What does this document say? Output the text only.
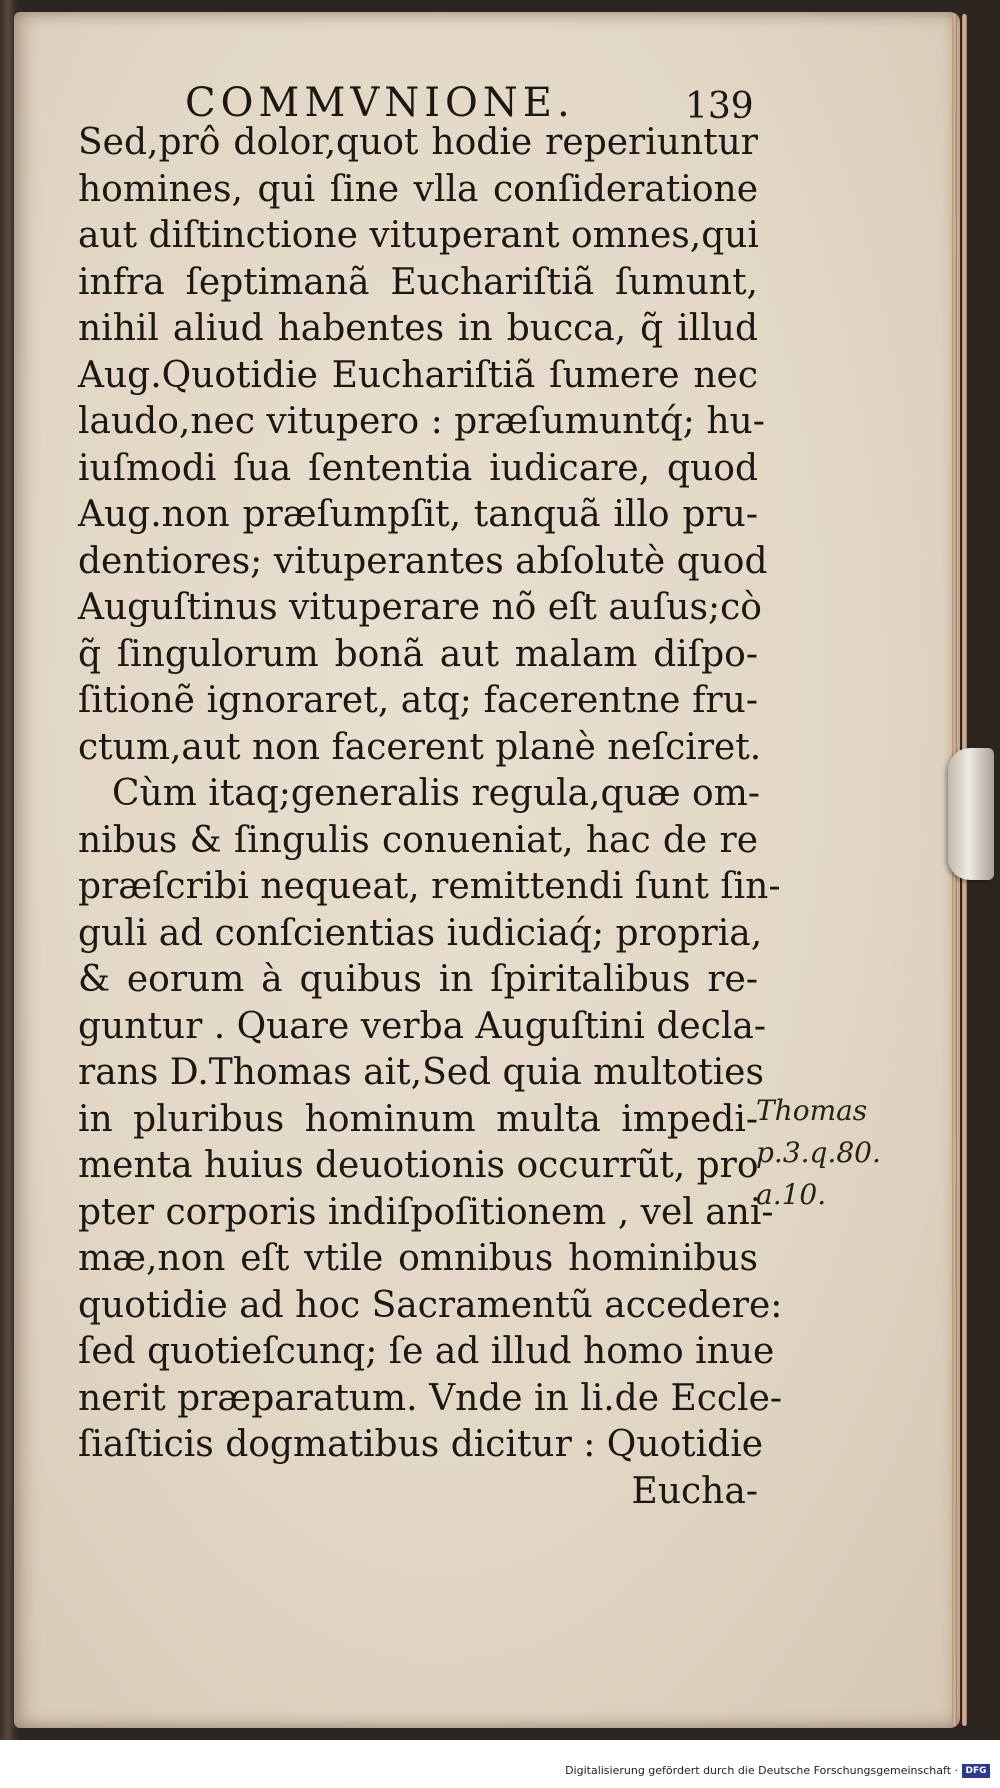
COMMVNIONE.	139
Sed,prô dolor,quot hodie reperiuntur
homines, qui ſine vlla conſideratione
aut diſtinctione vituperant omnes,qui
infra ſeptimanã Euchariſtiã ſumunt,
nihil aliud habentes in bucca, q̃ illud
Aug.Quotidie Euchariſtiã ſumere nec
laudo,nec vitupero : præſumuntq́; hu-
iuſmodi ſua ſententia iudicare, quod
Aug.non præſumpſit, tanquã illo pru-
dentiores; vituperantes abſolutè quod
Auguſtinus vituperare nõ eſt auſus;cò
q̃ ſingulorum bonã aut malam diſpo-
ſitionẽ ignoraret, atq; facerentne fru-
ctum,aut non facerent planè neſciret.
Cùm itaq;generalis regula,quæ om-
nibus & ſingulis conueniat, hac de re
præſcribi nequeat, remittendi ſunt ſin-
guli ad conſcientias iudiciaq́; propria,
& eorum à quibus in ſpiritalibus re-
guntur . Quare verba Auguſtini decla-
rans D.Thomas ait,Sed quia multoties
in pluribus hominum multa impedi-
menta huius deuotionis occurrũt, pro
pter corporis indiſpoſitionem , vel ani-
mæ,non eſt vtile omnibus hominibus
quotidie ad hoc Sacramentũ accedere:
ſed quotieſcunq; ſe ad illud homo inue
nerit præparatum. Vnde in li.de Eccle-
ſiaſticis dogmatibus dicitur : Quotidie
Eucha-
Thomas
p.3.q.80.
a.10.
Digitalisierung gefördert durch die Deutsche Forschungsgemeinschaft · DFG
